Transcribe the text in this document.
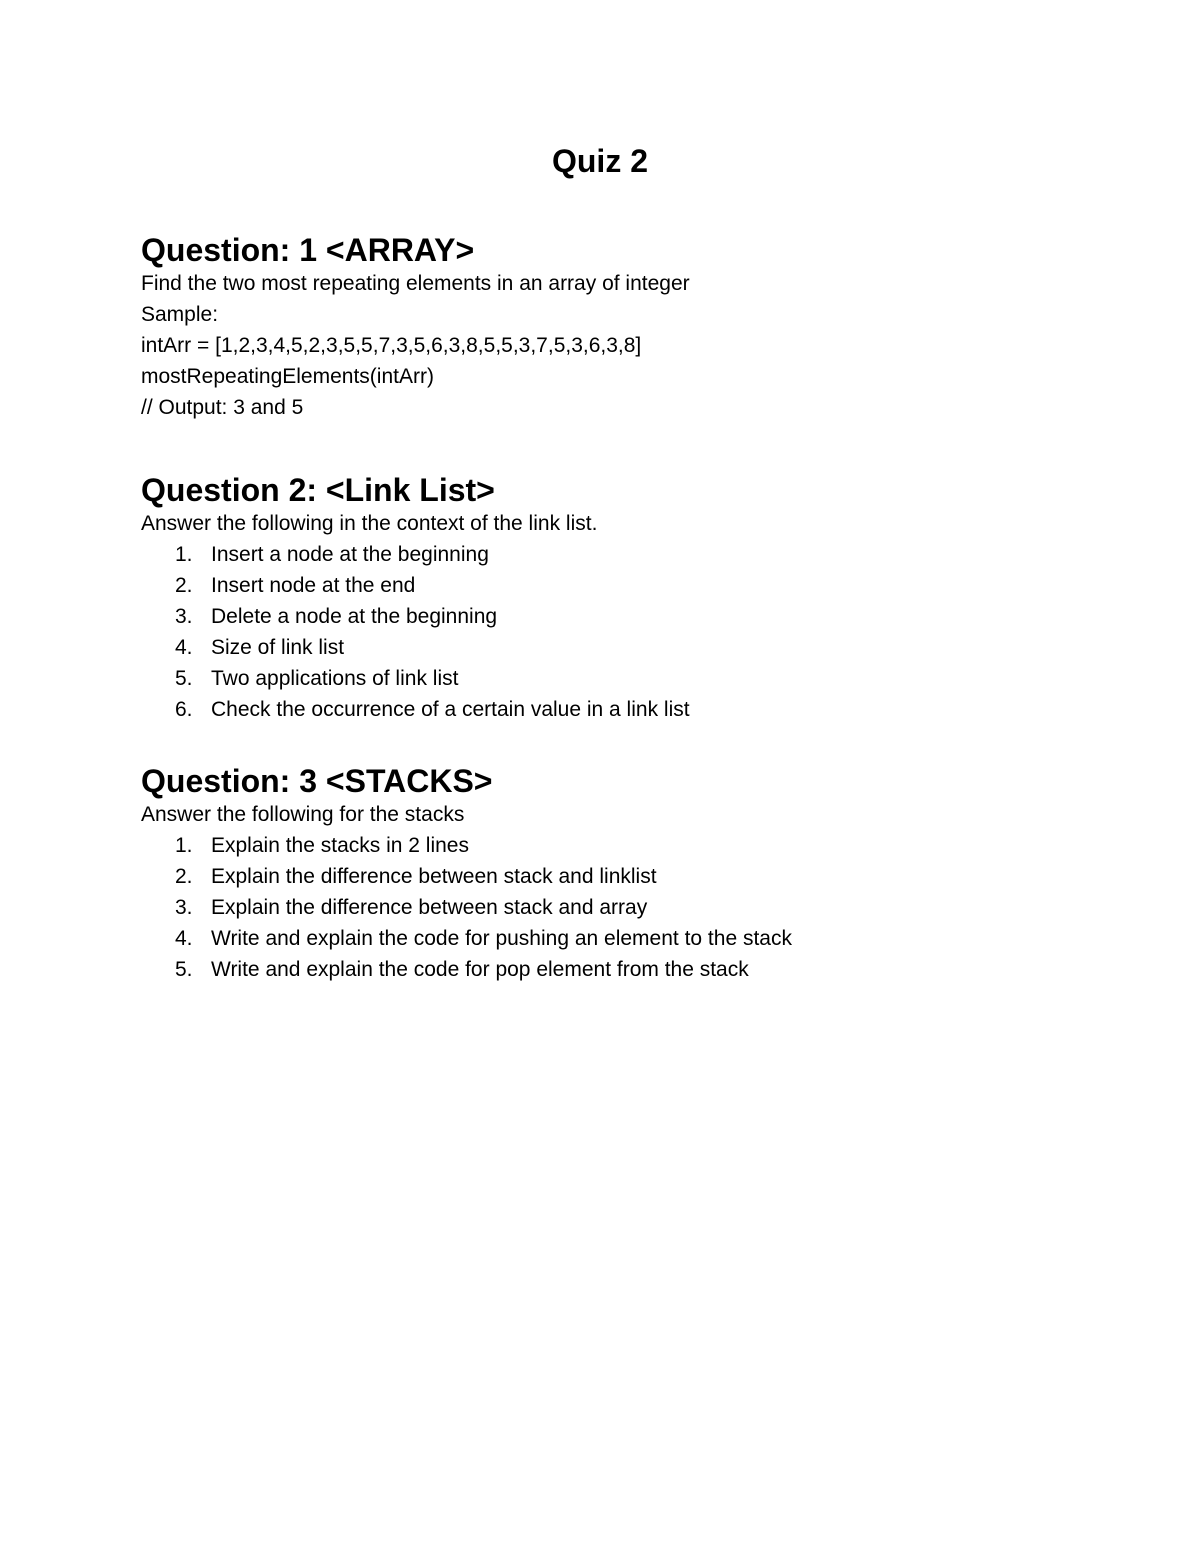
Quiz 2
Question: 1 <ARRAY>
Find the two most repeating elements in an array of integer
Sample:
intArr = [1,2,3,4,5,2,3,5,5,7,3,5,6,3,8,5,5,3,7,5,3,6,3,8]
mostRepeatingElements(intArr)
// Output: 3 and 5
Question 2: <Link List>
Answer the following in the context of the link list.
1. Insert a node at the beginning
2. Insert node at the end
3. Delete a node at the beginning
4. Size of link list
5. Two applications of link list
6. Check the occurrence of a certain value in a link list
Question: 3 <STACKS>
Answer the following for the stacks
1. Explain the stacks in 2 lines
2. Explain the difference between stack and linklist
3. Explain the difference between stack and array
4. Write and explain the code for pushing an element to the stack
5. Write and explain the code for pop element from the stack
